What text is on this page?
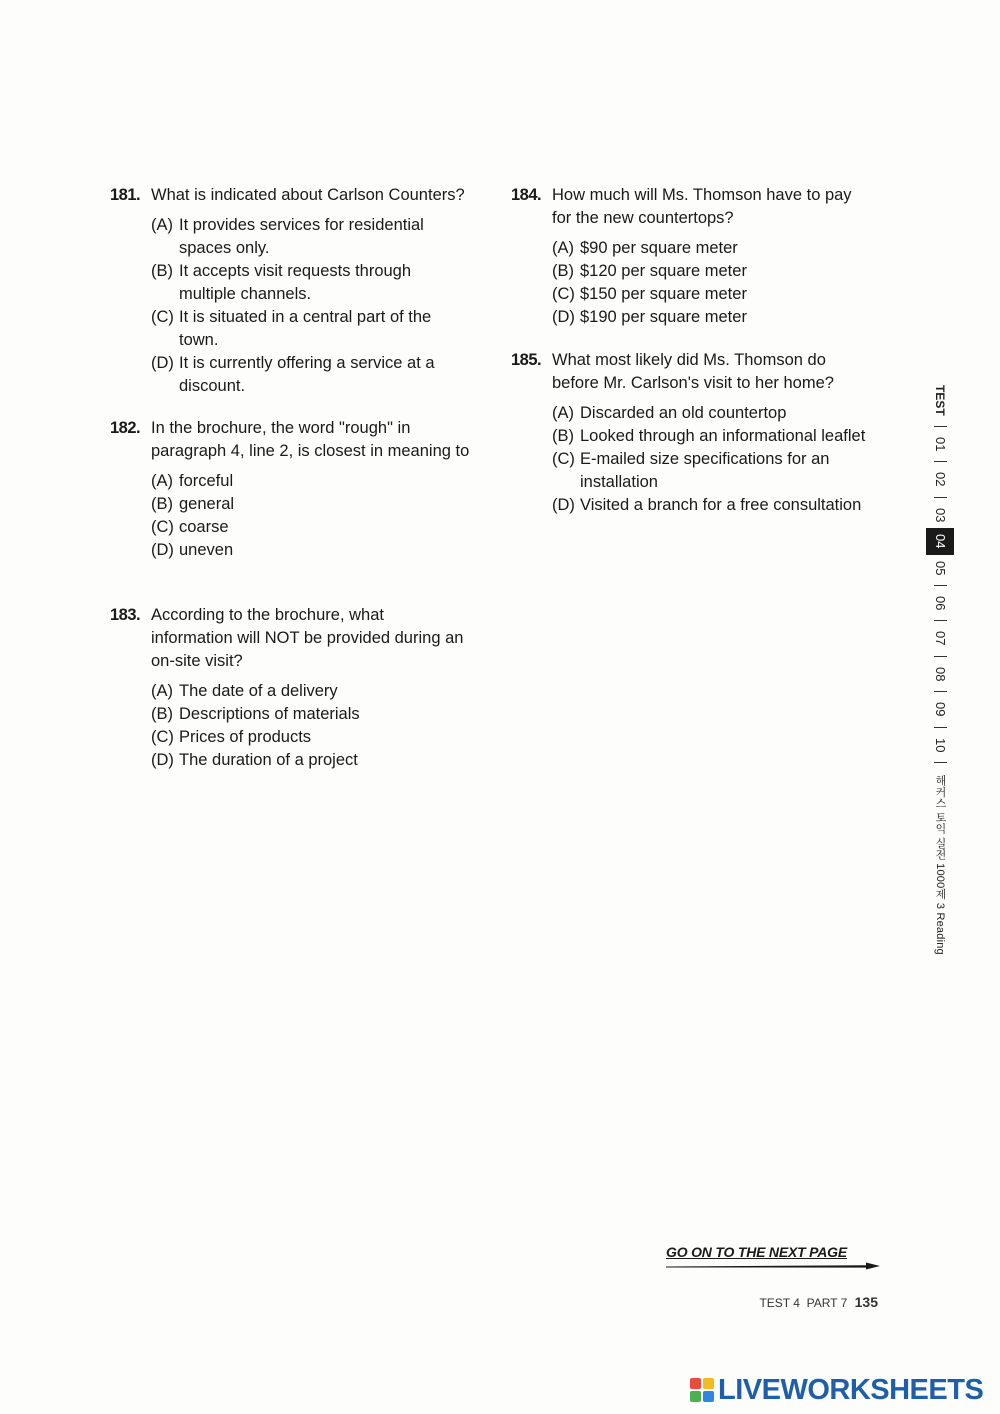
181. What is indicated about Carlson Counters?
(A) It provides services for residential spaces only.
(B) It accepts visit requests through multiple channels.
(C) It is situated in a central part of the town.
(D) It is currently offering a service at a discount.
182. In the brochure, the word "rough" in paragraph 4, line 2, is closest in meaning to
(A) forceful
(B) general
(C) coarse
(D) uneven
183. According to the brochure, what information will NOT be provided during an on-site visit?
(A) The date of a delivery
(B) Descriptions of materials
(C) Prices of products
(D) The duration of a project
184. How much will Ms. Thomson have to pay for the new countertops?
(A) $90 per square meter
(B) $120 per square meter
(C) $150 per square meter
(D) $190 per square meter
185. What most likely did Ms. Thomson do before Mr. Carlson's visit to her home?
(A) Discarded an old countertop
(B) Looked through an informational leaflet
(C) E-mailed size specifications for an installation
(D) Visited a branch for a free consultation
TEST
01
02
03
04
05
06
07
08
09
10
해커스 토익 실전 1000제 3 Reading
GO ON TO THE NEXT PAGE
TEST 4 PART 7 135
LIVEWORKSHEETS
